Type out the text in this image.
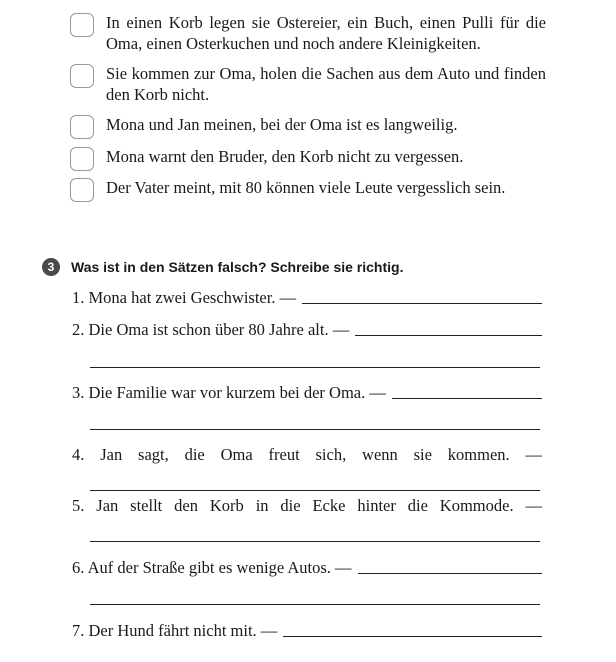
In einen Korb legen sie Ostereier, ein Buch, einen Pulli für die Oma, einen Osterkuchen und noch andere Kleinigkeiten.
Sie kommen zur Oma, holen die Sachen aus dem Auto und finden den Korb nicht.
Mona und Jan meinen, bei der Oma ist es langweilig.
Mona warnt den Bruder, den Korb nicht zu vergessen.
Der Vater meint, mit 80 können viele Leute vergesslich sein.
3	Was ist in den Sätzen falsch? Schreibe sie richtig.
1. Mona hat zwei Geschwister. —
2. Die Oma ist schon über 80 Jahre alt. —
3. Die Familie war vor kurzem bei der Oma. —
4. Jan sagt, die Oma freut sich, wenn sie kommen. —
5. Jan stellt den Korb in die Ecke hinter die Kommode. —
6. Auf der Straße gibt es wenige Autos. —
7. Der Hund fährt nicht mit. —
